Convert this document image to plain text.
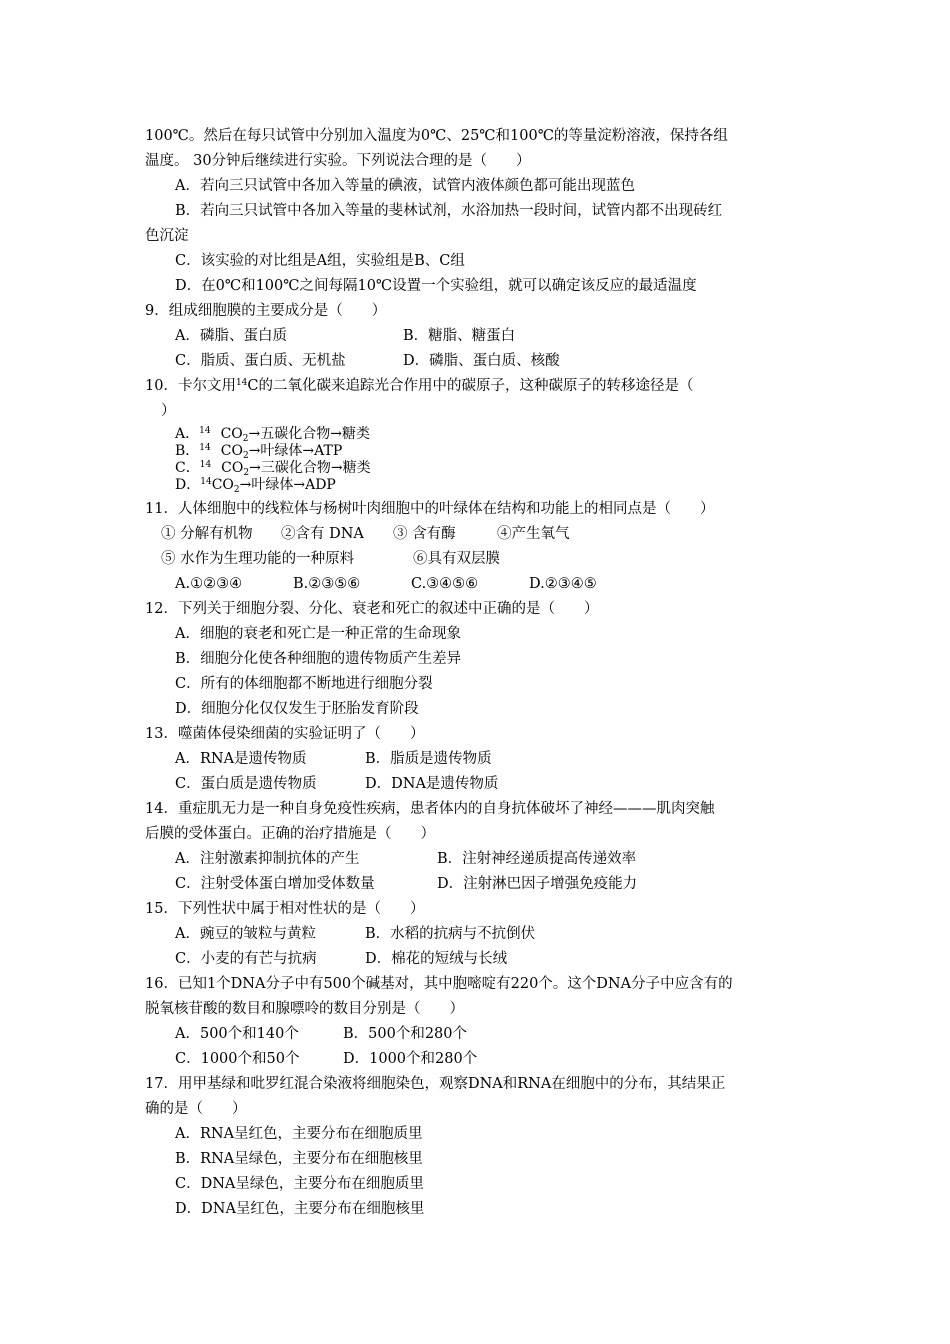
100℃。然后在每只试管中分别加入温度为0℃、25℃和100℃的等量淀粉溶液，保持各组
温度。 30分钟后继续进行实验。下列说法合理的是（　　）
A．若向三只试管中各加入等量的碘液，试管内液体颜色都可能出现蓝色
B．若向三只试管中各加入等量的斐林试剂，水浴加热一段时间，试管内都不出现砖红
色沉淀
C．该实验的对比组是A组，实验组是B、C组
D．在0℃和100℃之间每隔10℃设置一个实验组，就可以确定该反应的最适温度
9．组成细胞膜的主要成分是（　　）
A．磷脂、蛋白质	B．糖脂、糖蛋白
C．脂质、蛋白质、无机盐	D．磷脂、蛋白质、核酸
10．卡尔文用$^{14}$C的二氧化碳来追踪光合作用中的碳原子，这种碳原子的转移途径是（
）
A．$^{14}$ $CO_2\to$五碳化合物→糖类
B．$^{14}$ $CO_2\to$叶绿体→ATP
C．$^{14}$ $CO_2\to$三碳化合物→糖类
D．$^{14}CO_2\to$叶绿体→ADP
11．人体细胞中的线粒体与杨树叶肉细胞中的叶绿体在结构和功能上的相同点是（　　）
① 分解有机物	②含有 DNA	③ 含有酶	④产生氧气
⑤ 水作为生理功能的一种原料	⑥具有双层膜
A.①②③④	B.②③⑤⑥	C.③④⑤⑥	D.②③④⑤
12．下列关于细胞分裂、分化、衰老和死亡的叙述中正确的是（　　）
A．细胞的衰老和死亡是一种正常的生命现象
B．细胞分化使各种细胞的遗传物质产生差异
C．所有的体细胞都不断地进行细胞分裂
D．细胞分化仅仅发生于胚胎发育阶段
13．噬菌体侵染细菌的实验证明了（　　）
A．RNA是遗传物质	B．脂质是遗传物质
C．蛋白质是遗传物质	D．DNA是遗传物质
14．重症肌无力是一种自身免疫性疾病，患者体内的自身抗体破坏了神经———肌肉突触
后膜的受体蛋白。正确的治疗措施是（　　）
A．注射激素抑制抗体的产生	B．注射神经递质提高传递效率
C．注射受体蛋白增加受体数量	D．注射淋巴因子增强免疫能力
15．下列性状中属于相对性状的是（　　）
A．豌豆的皱粒与黄粒	B．水稻的抗病与不抗倒伏
C．小麦的有芒与抗病	D．棉花的短绒与长绒
16．已知1个DNA分子中有500个碱基对，其中胞嘧啶有220个。这个DNA分子中应含有的
脱氧核苷酸的数目和腺嘌呤的数目分别是（　　）
A．500个和140个	B．500个和280个
C．1000个和50个	D．1000个和280个
17．用甲基绿和吡罗红混合染液将细胞染色，观察DNA和RNA在细胞中的分布，其结果正
确的是（　　）
A．RNA呈红色，主要分布在细胞质里
B．RNA呈绿色，主要分布在细胞核里
C．DNA呈绿色，主要分布在细胞质里
D．DNA呈红色，主要分布在细胞核里
